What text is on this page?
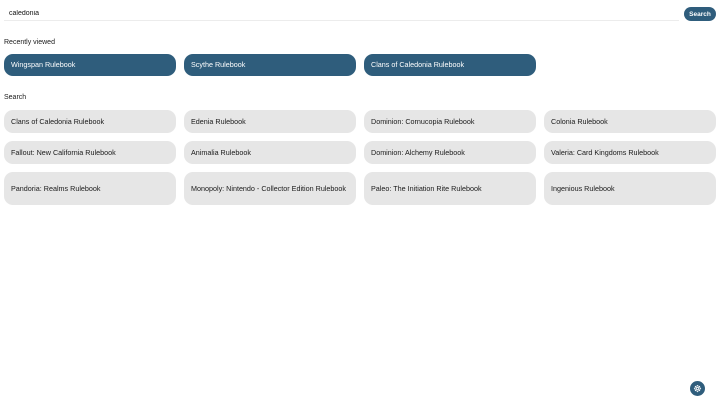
caledonia
Search
Recently viewed
Wingspan Rulebook	Scythe Rulebook	Clans of Caledonia Rulebook
Search
Clans of Caledonia Rulebook	Edenia Rulebook	Dominion: Cornucopia Rulebook	Colonia Rulebook
Fallout: New California Rulebook	Animalia Rulebook	Dominion: Alchemy Rulebook	Valeria: Card Kingdoms Rulebook
Pandoria: Realms Rulebook	Monopoly: Nintendo - Collector Edition Rulebook	Paleo: The Initiation Rite Rulebook	Ingenious Rulebook
